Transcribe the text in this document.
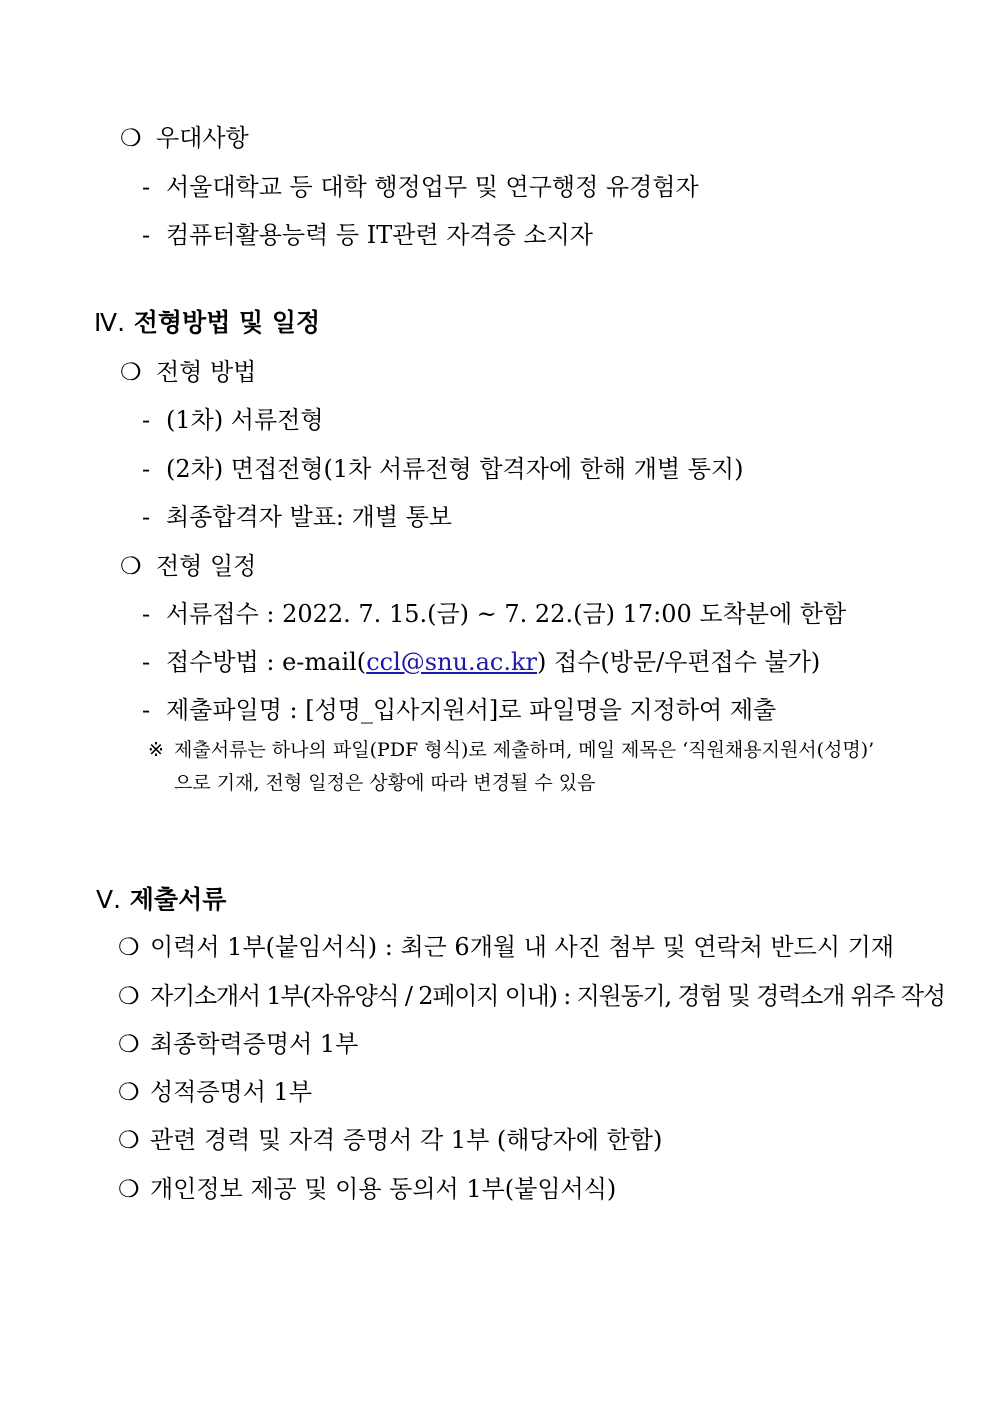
❍ 우대사항
- 서울대학교 등 대학 행정업무 및 연구행정 유경험자
- 컴퓨터활용능력 등 IT관련 자격증 소지자
Ⅳ. 전형방법 및 일정
❍ 전형 방법
- (1차) 서류전형
- (2차) 면접전형(1차 서류전형 합격자에 한해 개별 통지)
- 최종합격자 발표: 개별 통보
❍ 전형 일정
- 서류접수 : 2022. 7. 15.(금) ~ 7. 22.(금) 17:00 도착분에 한함
- 접수방법 : e-mail(ccl@snu.ac.kr) 접수(방문/우편접수 불가)
- 제출파일명 : [성명_입사지원서]로 파일명을 지정하여 제출
※ 제출서류는 하나의 파일(PDF 형식)로 제출하며, 메일 제목은 ‘직원채용지원서(성명)’
으로 기재, 전형 일정은 상황에 따라 변경될 수 있음
Ⅴ. 제출서류
❍ 이력서 1부(붙임서식) : 최근 6개월 내 사진 첨부 및 연락처 반드시 기재
❍ 자기소개서 1부(자유양식 / 2페이지 이내) : 지원동기, 경험 및 경력소개 위주 작성
❍ 최종학력증명서 1부
❍ 성적증명서 1부
❍ 관련 경력 및 자격 증명서 각 1부 (해당자에 한함)
❍ 개인정보 제공 및 이용 동의서 1부(붙임서식)
